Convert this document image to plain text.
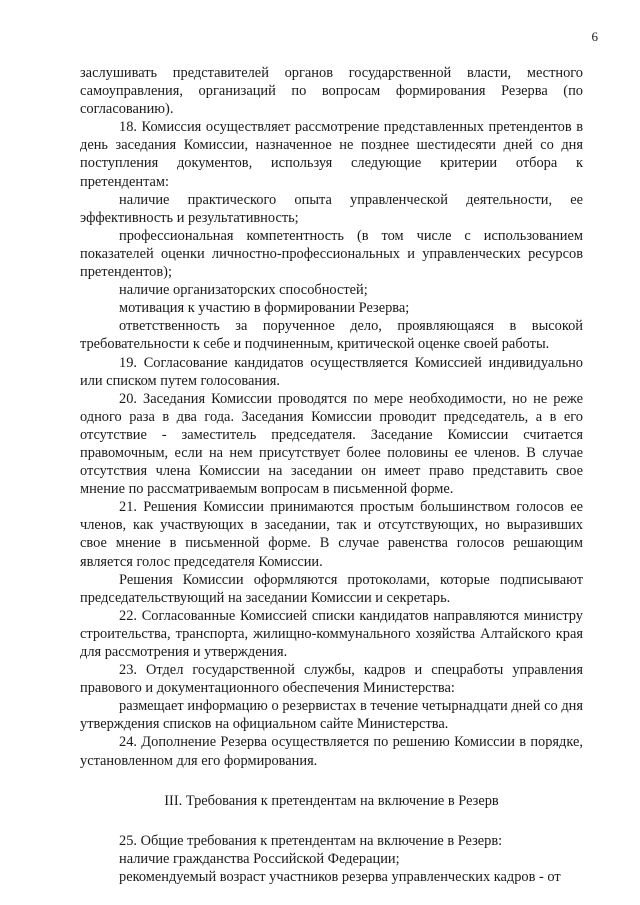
6

заслушивать представителей органов государственной власти, местного самоуправления, организаций по вопросам формирования Резерва (по согласованию).

18. Комиссия осуществляет рассмотрение представленных претендентов в день заседания Комиссии, назначенное не позднее шестидесяти дней со дня поступления документов, используя следующие критерии отбора к претендентам:

наличие практического опыта управленческой деятельности, ее эффективность и результативность;

профессиональная компетентность (в том числе с использованием показателей оценки личностно-профессиональных и управленческих ресурсов претендентов);

наличие организаторских способностей;

мотивация к участию в формировании Резерва;

ответственность за порученное дело, проявляющаяся в высокой требовательности к себе и подчиненным, критической оценке своей работы.

19. Согласование кандидатов осуществляется Комиссией индивидуально или списком путем голосования.

20. Заседания Комиссии проводятся по мере необходимости, но не реже одного раза в два года. Заседания Комиссии проводит председатель, а в его отсутствие - заместитель председателя. Заседание Комиссии считается правомочным, если на нем присутствует более половины ее членов. В случае отсутствия члена Комиссии на заседании он имеет право представить свое мнение по рассматриваемым вопросам в письменной форме.

21. Решения Комиссии принимаются простым большинством голосов ее членов, как участвующих в заседании, так и отсутствующих, но выразивших свое мнение в письменной форме. В случае равенства голосов решающим является голос председателя Комиссии.

Решения Комиссии оформляются протоколами, которые подписывают председательствующий на заседании Комиссии и секретарь.

22. Согласованные Комиссией списки кандидатов направляются министру строительства, транспорта, жилищно-коммунального хозяйства Алтайского края для рассмотрения и утверждения.

23. Отдел государственной службы, кадров и спецработы управления правового и документационного обеспечения Министерства:

размещает информацию о резервистах в течение четырнадцати дней со дня утверждения списков на официальном сайте Министерства.

24. Дополнение Резерва осуществляется по решению Комиссии в порядке, установленном для его формирования.

III. Требования к претендентам на включение в Резерв

25. Общие требования к претендентам на включение в Резерв:

наличие гражданства Российской Федерации;

рекомендуемый возраст участников резерва управленческих кадров - от
